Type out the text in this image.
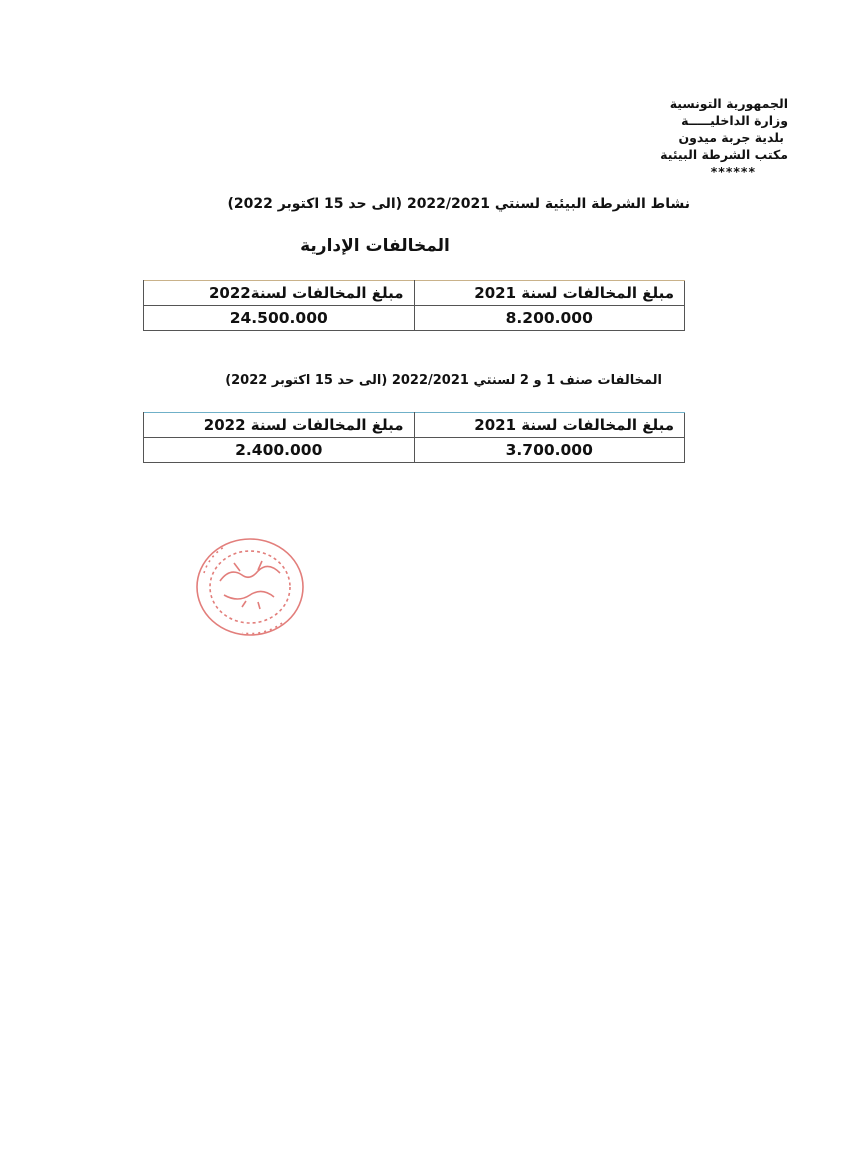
الجمهورية التونسية
وزارة الداخليـــــة
بلدية جربة ميدون
مكتب الشرطة البيئية
******
نشاط الشرطة البيئية لسنتي 2022/2021 (الى حد 15 اكتوبر 2022)
المخالفات الإدارية
مبلغ المخالفات لسنة 2021	مبلغ المخالفات لسنة2022
8.200.000	24.500.000
المخالفات صنف 1 و 2 لسنتي 2022/2021 (الى حد 15 اكتوبر 2022)
مبلغ المخالفات لسنة 2021	مبلغ المخالفات لسنة 2022
3.700.000	2.400.000
